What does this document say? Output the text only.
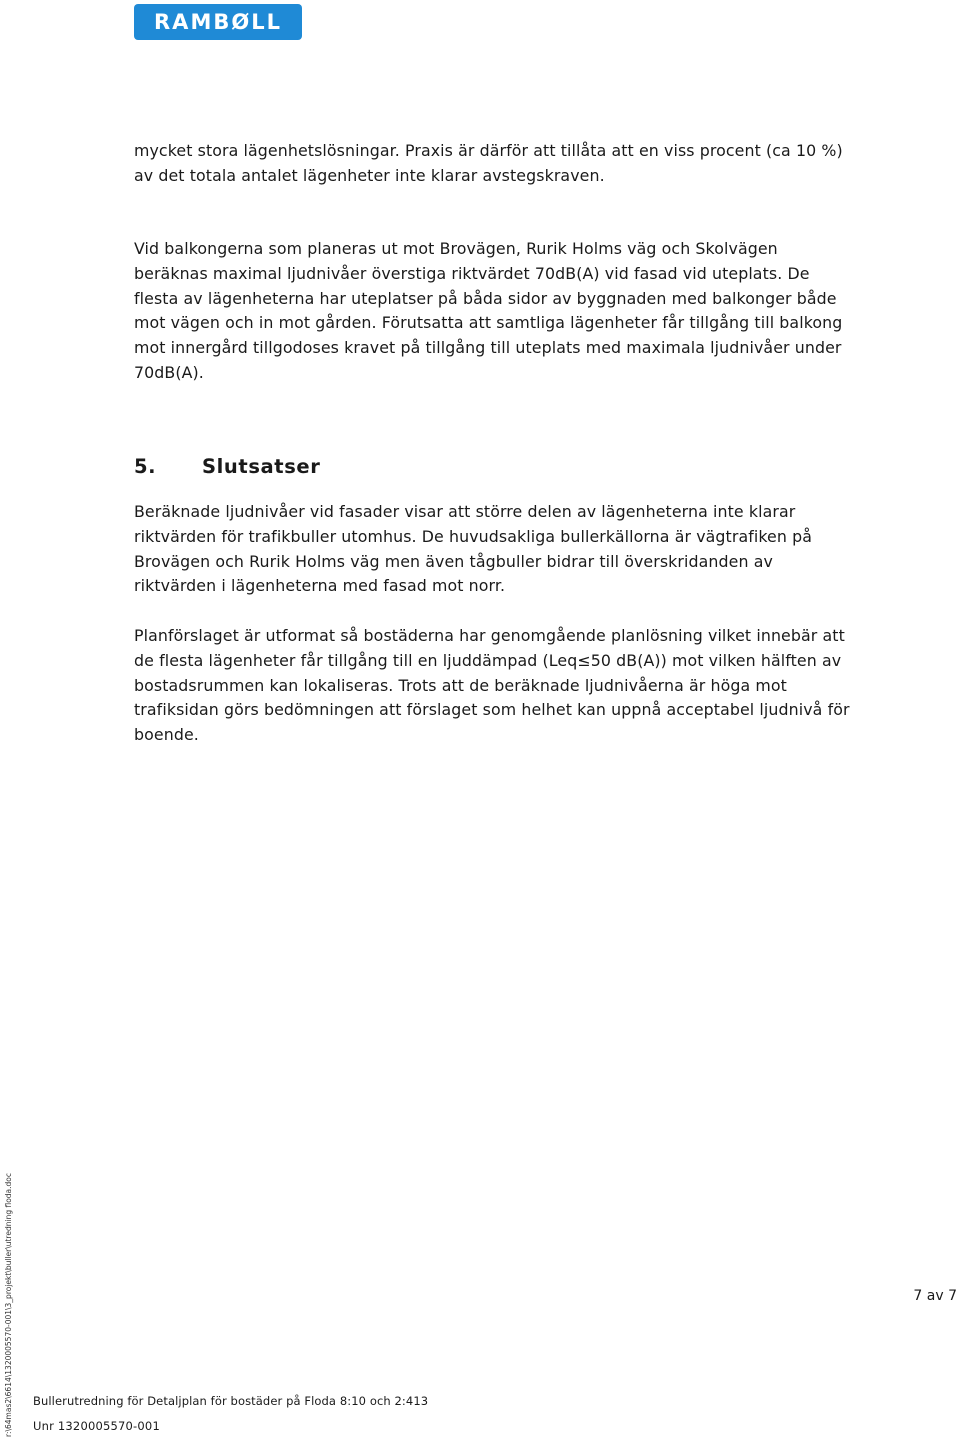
RAMBØLL

mycket stora lägenhetslösningar. Praxis är därför att tillåta att en viss procent (ca 10 %) av det totala antalet lägenheter inte klarar avstegskraven.

Vid balkongerna som planeras ut mot Brovägen, Rurik Holms väg och Skolvägen beräknas maximal ljudnivåer överstiga riktvärdet 70dB(A) vid fasad vid uteplats. De flesta av lägenheterna har uteplatser på båda sidor av byggnaden med balkonger både mot vägen och in mot gården. Förutsatta att samtliga lägenheter får tillgång till balkong mot innergård tillgodoses kravet på tillgång till uteplats med maximala ljudnivåer under 70dB(A).

5.	Slutsatser

Beräknade ljudnivåer vid fasader visar att större delen av lägenheterna inte klarar riktvärden för trafikbuller utomhus. De huvudsakliga bullerkällorna är vägtrafiken på Brovägen och Rurik Holms väg men även tågbuller bidrar till överskridanden av riktvärden i lägenheterna med fasad mot norr.

Planförslaget är utformat så bostäderna har genomgående planlösning vilket innebär att de flesta lägenheter får tillgång till en ljuddämpad (Leq≤50 dB(A)) mot vilken hälften av bostadsrummen kan lokaliseras. Trots att de beräknade ljudnivåerna är höga mot trafiksidan görs bedömningen att förslaget som helhet kan uppnå acceptabel ljudnivå för boende.

r:\64mas2\6614\1320005570-001\3_projekt\buller\utredning floda.doc	7 av 7
Bullerutredning för Detaljplan för bostäder på Floda 8:10 och 2:413
Unr 1320005570-001
